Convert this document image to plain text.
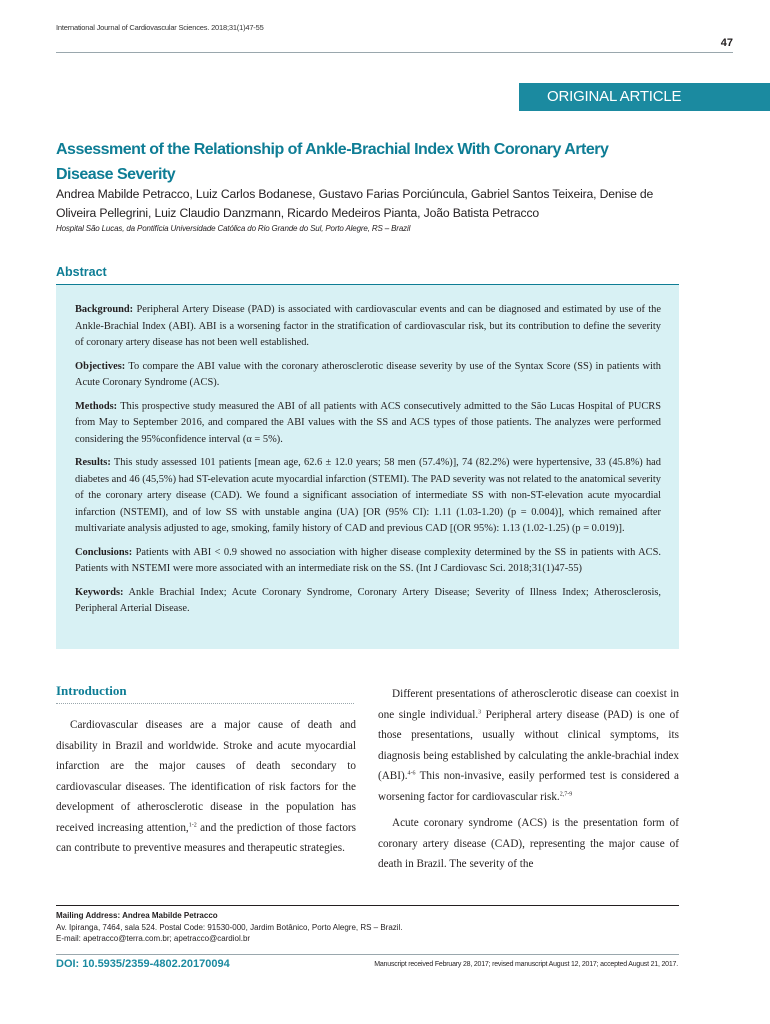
International Journal of Cardiovascular Sciences. 2018;31(1)47-55
47
ORIGINAL ARTICLE
Assessment of the Relationship of Ankle-Brachial Index With Coronary Artery Disease Severity
Andrea Mabilde Petracco, Luiz Carlos Bodanese, Gustavo Farias Porciúncula, Gabriel Santos Teixeira, Denise de Oliveira Pellegrini, Luiz Claudio Danzmann, Ricardo Medeiros Pianta, João Batista Petracco
Hospital São Lucas, da Pontifícia Universidade Católica do Rio Grande do Sul, Porto Alegre, RS – Brazil
Abstract

Background: Peripheral Artery Disease (PAD) is associated with cardiovascular events and can be diagnosed and estimated by use of the Ankle-Brachial Index (ABI). ABI is a worsening factor in the stratification of cardiovascular risk, but its contribution to define the severity of coronary artery disease has not been well established.

Objectives: To compare the ABI value with the coronary atherosclerotic disease severity by use of the Syntax Score (SS) in patients with Acute Coronary Syndrome (ACS).

Methods: This prospective study measured the ABI of all patients with ACS consecutively admitted to the São Lucas Hospital of PUCRS from May to September 2016, and compared the ABI values with the SS and ACS types of those patients. The analyzes were performed considering the 95%confidence interval (α = 5%).

Results: This study assessed 101 patients [mean age, 62.6 ± 12.0 years; 58 men (57.4%)], 74 (82.2%) were hypertensive, 33 (45.8%) had diabetes and 46 (45,5%) had ST-elevation acute myocardial infarction (STEMI). The PAD severity was not related to the anatomical severity of the coronary artery disease (CAD). We found a significant association of intermediate SS with non-ST-elevation acute myocardial infarction (NSTEMI), and of low SS with unstable angina (UA) [OR (95% CI): 1.11 (1.03-1.20) (p = 0.004)], which remained after multivariate analysis adjusted to age, smoking, family history of CAD and previous CAD [(OR 95%): 1.13 (1.02-1.25) (p = 0.019)].

Conclusions: Patients with ABI < 0.9 showed no association with higher disease complexity determined by the SS in patients with ACS. Patients with NSTEMI were more associated with an intermediate risk on the SS. (Int J Cardiovasc Sci. 2018;31(1)47-55)

Keywords: Ankle Brachial Index; Acute Coronary Syndrome, Coronary Artery Disease; Severity of Illness Index; Atherosclerosis, Peripheral Arterial Disease.

Introduction

Cardiovascular diseases are a major cause of death and disability in Brazil and worldwide. Stroke and acute myocardial infarction are the major causes of death secondary to cardiovascular diseases. The identification of risk factors for the development of atherosclerotic disease in the population has received increasing attention,$^{1-2}$ and the prediction of those factors can contribute to preventive measures and therapeutic strategies.

Different presentations of atherosclerotic disease can coexist in one single individual.$^3$ Peripheral artery disease (PAD) is one of those presentations, usually without clinical symptoms, its diagnosis being established by calculating the ankle-brachial index (ABI).$^{4-6}$ This non-invasive, easily performed test is considered a worsening factor for cardiovascular risk.$^{2,7-9}$

Acute coronary syndrome (ACS) is the presentation form of coronary artery disease (CAD), representing the major cause of death in Brazil. The severity of the

Mailing Address: Andrea Mabilde Petracco
Av. Ipiranga, 7464, sala 524. Postal Code: 91530-000, Jardim Botânico, Porto Alegre, RS – Brazil.
E-mail: apetracco@terra.com.br; apetracco@cardiol.br
DOI: 10.5935/2359-4802.20170094	Manuscript received February 28, 2017; revised manuscript August 12, 2017; accepted August 21, 2017.
